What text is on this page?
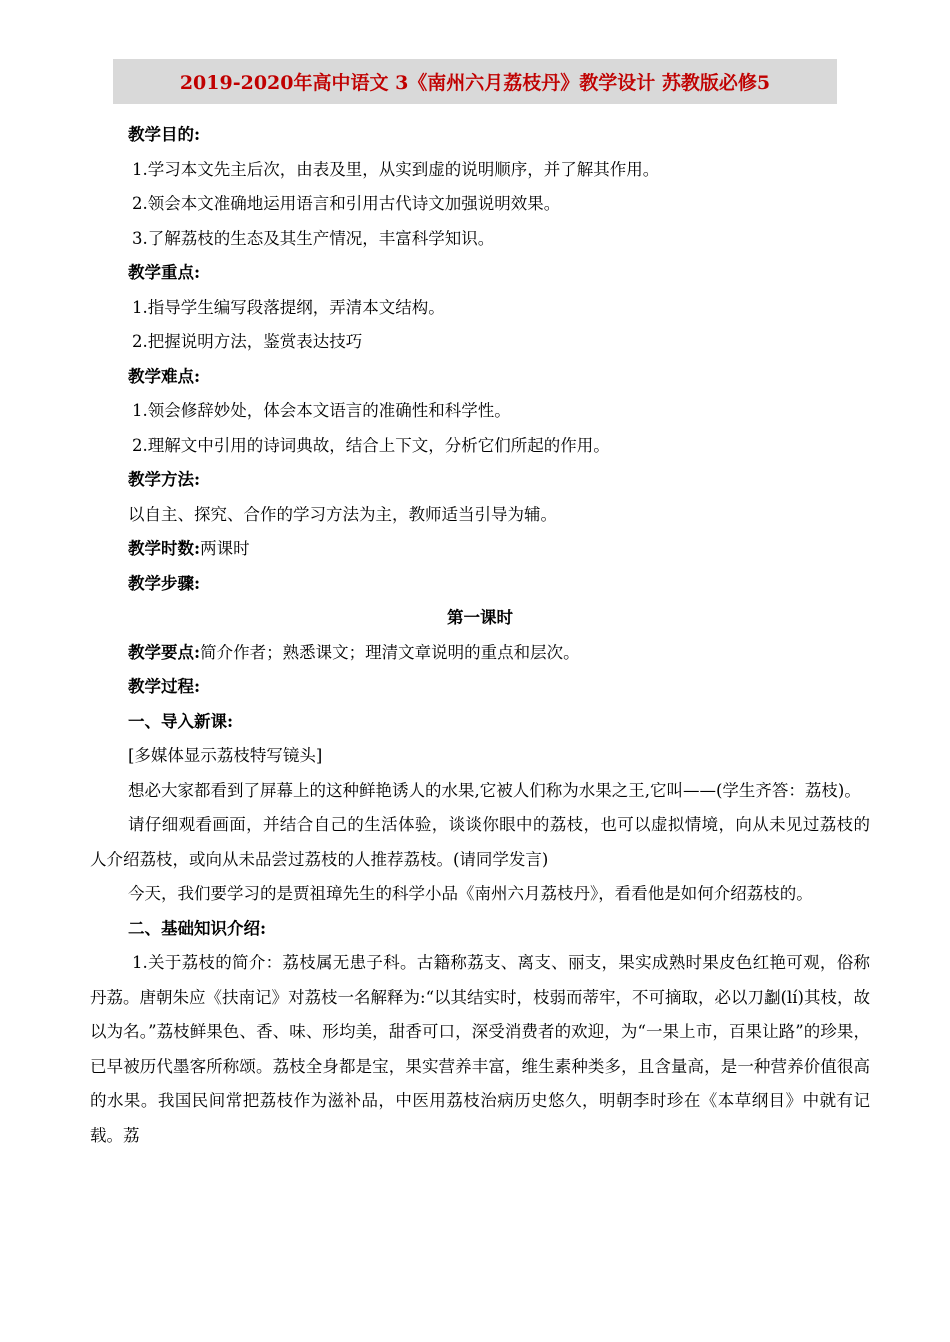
2019-2020年高中语文 3《南州六月荔枝丹》教学设计 苏教版必修5
教学目的:
1.学习本文先主后次，由表及里，从实到虚的说明顺序，并了解其作用。
2.领会本文准确地运用语言和引用古代诗文加强说明效果。
3.了解荔枝的生态及其生产情况，丰富科学知识。
教学重点:
1.指导学生编写段落提纲，弄清本文结构。
2.把握说明方法，鉴赏表达技巧
教学难点:
1.领会修辞妙处，体会本文语言的准确性和科学性。
2.理解文中引用的诗词典故，结合上下文，分析它们所起的作用。
教学方法:
以自主、探究、合作的学习方法为主，教师适当引导为辅。
教学时数:两课时
教学步骤:
第一课时
教学要点:简介作者；熟悉课文；理清文章说明的重点和层次。
教学过程:
一、导入新课:
[多媒体显示荔枝特写镜头]
想必大家都看到了屏幕上的这种鲜艳诱人的水果,它被人们称为水果之王,它叫——(学生齐答：荔枝)。
请仔细观看画面，并结合自己的生活体验，谈谈你眼中的荔枝，也可以虚拟情境，向从未见过荔枝的人介绍荔枝，或向从未品尝过荔枝的人推荐荔枝。(请同学发言)
今天，我们要学习的是贾祖璋先生的科学小品《南州六月荔枝丹》，看看他是如何介绍荔枝的。
二、基础知识介绍:
1.关于荔枝的简介：荔枝属无患子科。古籍称荔支、离支、丽支，果实成熟时果皮色红艳可观，俗称丹荔。唐朝朱应《扶南记》对荔枝一名解释为:“以其结实时，枝弱而蒂牢，不可摘取，必以刀劙(lí)其枝，故以为名。”荔枝鲜果色、香、味、形均美，甜香可口，深受消费者的欢迎，为“一果上市，百果让路”的珍果，已早被历代墨客所称颂。荔枝全身都是宝，果实营养丰富，维生素种类多，且含量高，是一种营养价值很高的水果。我国民间常把荔枝作为滋补品，中医用荔枝治病历史悠久，明朝李时珍在《本草纲目》中就有记载。荔
